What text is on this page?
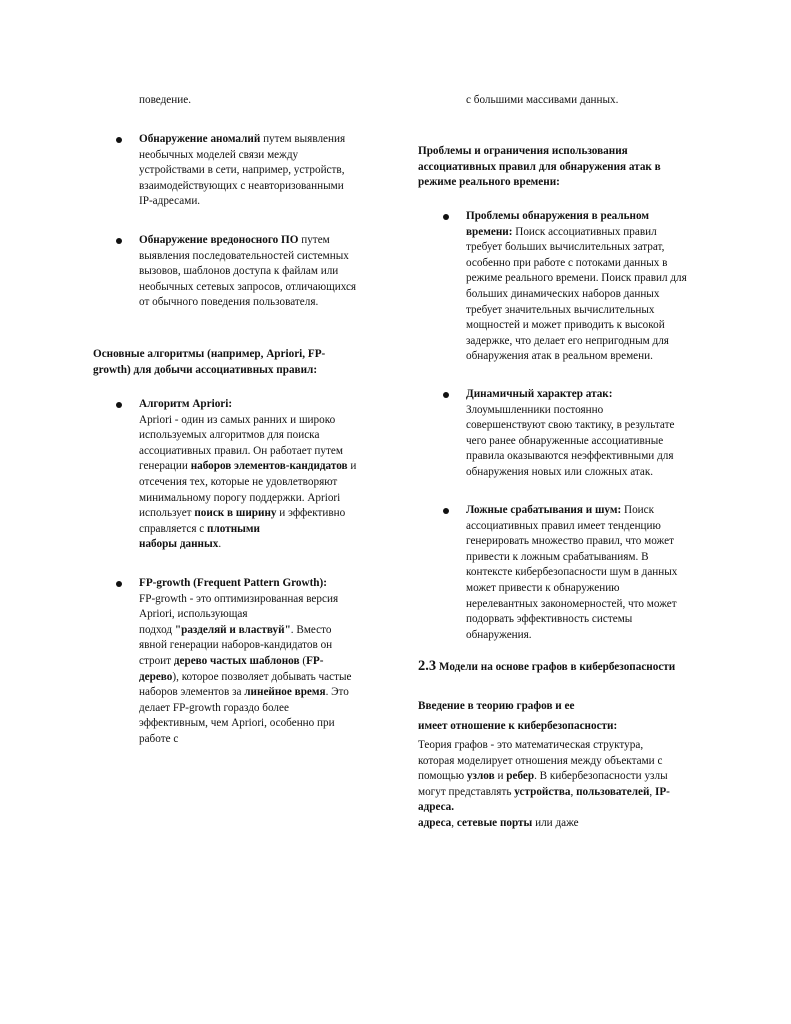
поведение.

Обнаружение аномалий путем выявления

необычных моделей связи между

устройствами в сети, например, устройств,

взаимодействующих с неавторизованными

IP-адресами.

Обнаружение вредоносного ПО путем

выявления последовательностей системных

вызовов, шаблонов доступа к файлам или

необычных сетевых запросов, отличающихся

от обычного поведения пользователя.

Основные алгоритмы (например, Apriori, FP-

growth) для добычи ассоциативных правил:

Алгоритм Apriori:

Apriori - один из самых ранних и широко

используемых алгоритмов для поиска

ассоциативных правил. Он работает путем

генерации наборов элементов-кандидатов и

отсечения тех, которые не удовлетворяют

минимальному порогу поддержки. Apriori

использует поиск в ширину и эффективно

справляется с плотными

наборы данных.

FP-growth (Frequent Pattern Growth):

FP-growth - это оптимизированная версия

Apriori, использующая

подход "разделяй и властвуй". Вместо

явной генерации наборов-кандидатов он

строит дерево частых шаблонов (FP-

дерево), которое позволяет добывать частые

наборов элементов за линейное время. Это

делает FP-growth гораздо более

эффективным, чем Apriori, особенно при

работе с

с большими массивами данных.

Проблемы и ограничения использования

ассоциативных правил для обнаружения атак в

режиме реального времени:

Проблемы обнаружения в реальном

времени: Поиск ассоциативных правил

требует больших вычислительных затрат,

особенно при работе с потоками данных в

режиме реального времени. Поиск правил для

больших динамических наборов данных

требует значительных вычислительных

мощностей и может приводить к высокой

задержке, что делает его непригодным для

обнаружения атак в реальном времени.

Динамичный характер атак:

Злоумышленники постоянно

совершенствуют свою тактику, в результате

чего ранее обнаруженные ассоциативные

правила оказываются неэффективными для

обнаружения новых или сложных атак.

Ложные срабатывания и шум: Поиск

ассоциативных правил имеет тенденцию

генерировать множество правил, что может

привести к ложным срабатываниям. В

контексте кибербезопасности шум в данных

может привести к обнаружению

нерелевантных закономерностей, что может

подорвать эффективность системы

обнаружения.

2.3 Модели на основе графов в кибербезопасности

Введение в теорию графов и ее

имеет отношение к кибербезопасности:

Теория графов - это математическая структура,

которая моделирует отношения между объектами с

помощью узлов и ребер. В кибербезопасности узлы

могут представлять устройства, пользователей, IP-

адреса.

адреса, сетевые порты или даже
